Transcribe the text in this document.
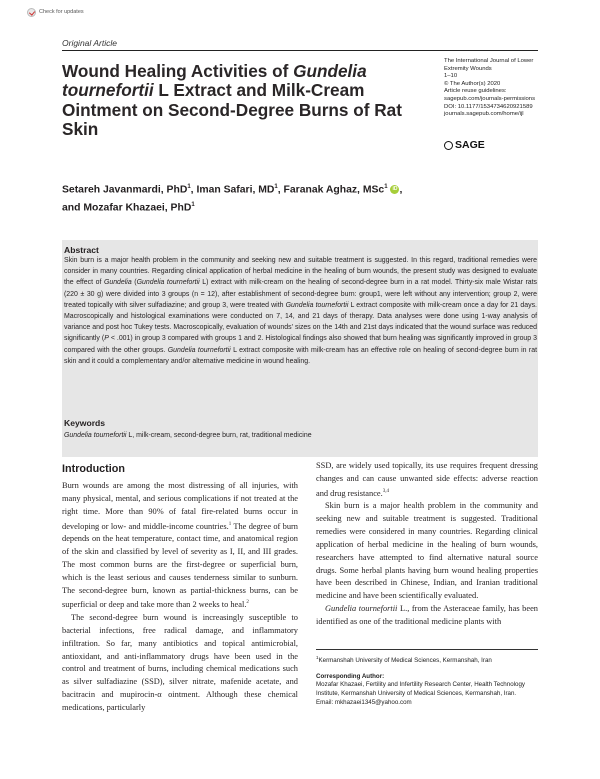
Check for updates
Original Article
Wound Healing Activities of Gundelia tournefortii L Extract and Milk-Cream Ointment on Second-Degree Burns of Rat Skin
The International Journal of Lower
Extremity Wounds
1–10
© The Author(s) 2020
Article reuse guidelines:
sagepub.com/journals-permissions
DOI: 10.1177/1534734620921589
journals.sagepub.com/home/ijl
SAGE
Setareh Javanmardi, PhD$^1$, Iman Safari, $MD^1$, Faranak Aghaz, MSc$^1$ iD ,
and Mozafar Khazaei, PhD$^1$
Abstract
Skin burn is a major health problem in the community and seeking new and suitable treatment is suggested. In this regard, traditional remedies were consider in many countries. Regarding clinical application of herbal medicine in the healing of burn wounds, the present study was designed to evaluate the effect of Gundelia (Gundelia tournefortii L) extract with milk-cream on the healing of second-degree burn in a rat model. Thirty-six male Wistar rats (220 ± 30 g) were divided into 3 groups (n = 12), after establishment of second-degree burn: group1, were left without any intervention; group 2, were treated topically with silver sulfadiazine; and group 3, were treated with Gundelia tournefortii L extract composite with milk-cream once a day for 21 days. Macroscopically and histological examinations were conducted on 7, 14, and 21 days of therapy. Data analyses were done using 1-way analysis of variance and post hoc Tukey tests. Macroscopically, evaluation of wounds' sizes on the 14th and 21st days indicated that the wound surface was reduced significantly (P < .001) in group 3 compared with groups 1 and 2. Histological findings also showed that burn healing was significantly improved in group 3 compared with the other groups. Gundelia tournefortii L extract composite with milk-cream has an effective role on healing of second-degree burn in rat skin and it could a complementary and/or alternative medicine in wound healing.
Keywords
Gundelia tournefortii L, milk-cream, second-degree burn, rat, traditional medicine
Introduction

Burn wounds are among the most distressing of all injuries, with many physical, mental, and serious complications if not treated at the right time. More than 90% of fatal fire-related burns occur in developing or low- and middle-income countries.$^1$ The degree of burn depends on the heat temperature, contact time, and anatomical region of the skin and classified by level of severity as I, II, and III grades. The most common burns are the first-degree or superficial burn, which is the least serious and causes tenderness similar to sunburn. The second-degree burn, known as partial-thickness burns, can be superficial or deep and take more than 2 weeks to heal.$^2$

The second-degree burn wound is increasingly susceptible to bacterial infections, free radical damage, and inflammatory infiltration. So far, many antibiotics and topical antimicrobial, antioxidant, and anti-inflammatory drugs have been used in the control and treatment of burns, including chemical medications such as silver sulfadiazine (SSD), silver nitrate, mafenide acetate, and bacitracin and mupirocin-α ointment. Although these chemical medications, particularly

SSD, are widely used topically, its use requires frequent dressing changes and can cause unwanted side effects: adverse reaction and drug resistance.$^{3,4}$

Skin burn is a major health problem in the community and seeking new and suitable treatment is suggested. Traditional remedies were considered in many countries. Regarding clinical application of herbal medicine in the healing of burn wounds, researchers have attempted to find alternative natural source drugs. Some herbal plants having burn wound healing properties have been described in Chinese, Indian, and Iranian traditional medicine and have been scientifically evaluated.

Gundelia tournefortii L., from the Asteraceae family, has been identified as one of the traditional medicine plants with

$^1$Kermanshah University of Medical Sciences, Kermanshah, Iran
Corresponding Author:
Mozafar Khazaei, Fertility and Infertility Research Center, Health Technology Institute, Kermanshah University of Medical Sciences, Kermanshah, Iran.
Email: mkhazaei1345@yahoo.com
